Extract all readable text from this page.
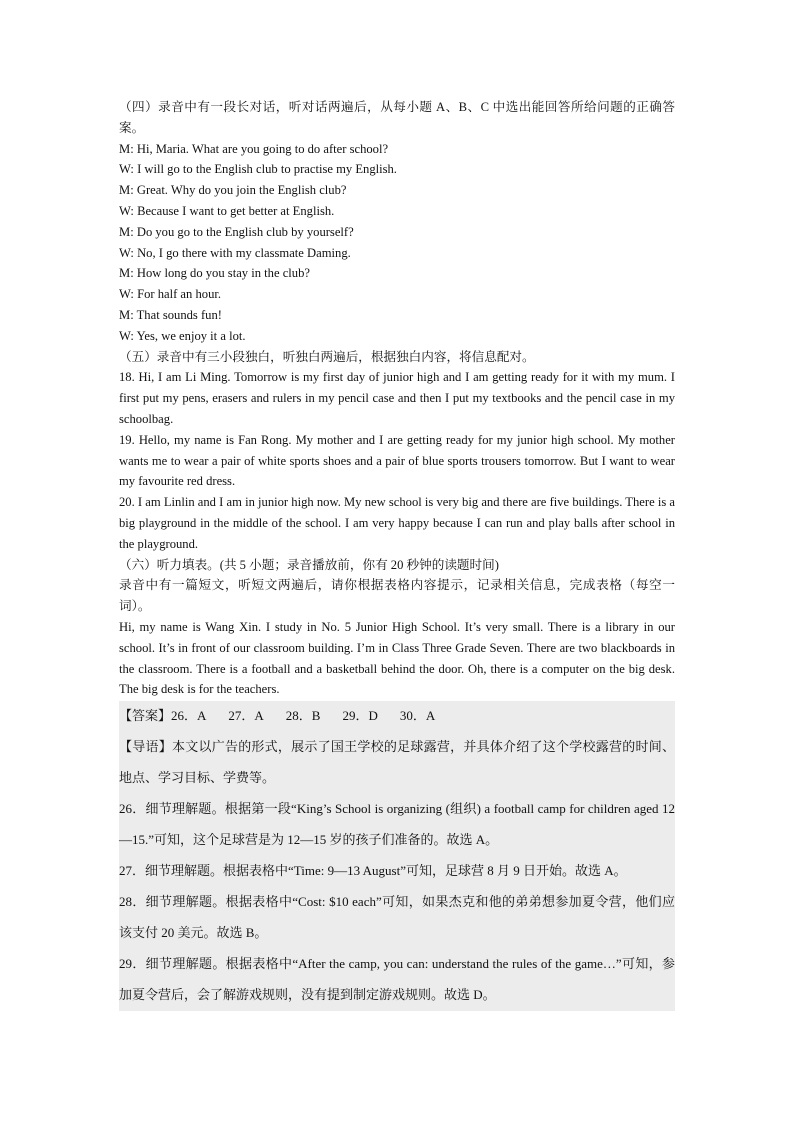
（四）录音中有一段长对话，听对话两遍后，从每小题 A、B、C 中选出能回答所给问题的正确答案。

M: Hi, Maria. What are you going to do after school?

W: I will go to the English club to practise my English.

M: Great. Why do you join the English club?

W: Because I want to get better at English.

M: Do you go to the English club by yourself?

W: No, I go there with my classmate Daming.

M: How long do you stay in the club?

W: For half an hour.

M: That sounds fun!

W: Yes, we enjoy it a lot.

（五）录音中有三小段独白，听独白两遍后，根据独白内容，将信息配对。

18. Hi, I am Li Ming. Tomorrow is my first day of junior high and I am getting ready for it with my mum. I first put my pens, erasers and rulers in my pencil case and then I put my textbooks and the pencil case in my schoolbag.

19. Hello, my name is Fan Rong. My mother and I are getting ready for my junior high school. My mother wants me to wear a pair of white sports shoes and a pair of blue sports trousers tomorrow. But I want to wear my favourite red dress.

20. I am Linlin and I am in junior high now. My new school is very big and there are five buildings. There is a big playground in the middle of the school. I am very happy because I can run and play balls after school in the playground.

（六）听力填表。(共 5 小题；录音播放前，你有 20 秒钟的读题时间)

录音中有一篇短文，听短文两遍后，请你根据表格内容提示，记录相关信息，完成表格（每空一词）。

Hi, my name is Wang Xin. I study in No. 5 Junior High School. It’s very small. There is a library in our school. It’s in front of our classroom building. I’m in Class Three Grade Seven. There are two blackboards in the classroom. There is a football and a basketball behind the door. Oh, there is a computer on the big desk. The big desk is for the teachers.

【答案】26．A 27．A 28．B 29．D 30．A

【导语】本文以广告的形式，展示了国王学校的足球露营，并具体介绍了这个学校露营的时间、地点、学习目标、学费等。

26．细节理解题。根据第一段“King’s School is organizing (组织) a football camp for children aged 12—15.”可知，这个足球营是为 12—15 岁的孩子们准备的。故选 A。

27．细节理解题。根据表格中“Time: 9—13 August”可知，足球营 8 月 9 日开始。故选 A。

28．细节理解题。根据表格中“Cost: $10 each”可知，如果杰克和他的弟弟想参加夏令营，他们应该支付 20 美元。故选 B。

29．细节理解题。根据表格中“After the camp, you can: understand the rules of the game…”可知，参加夏令营后，会了解游戏规则，没有提到制定游戏规则。故选 D。
